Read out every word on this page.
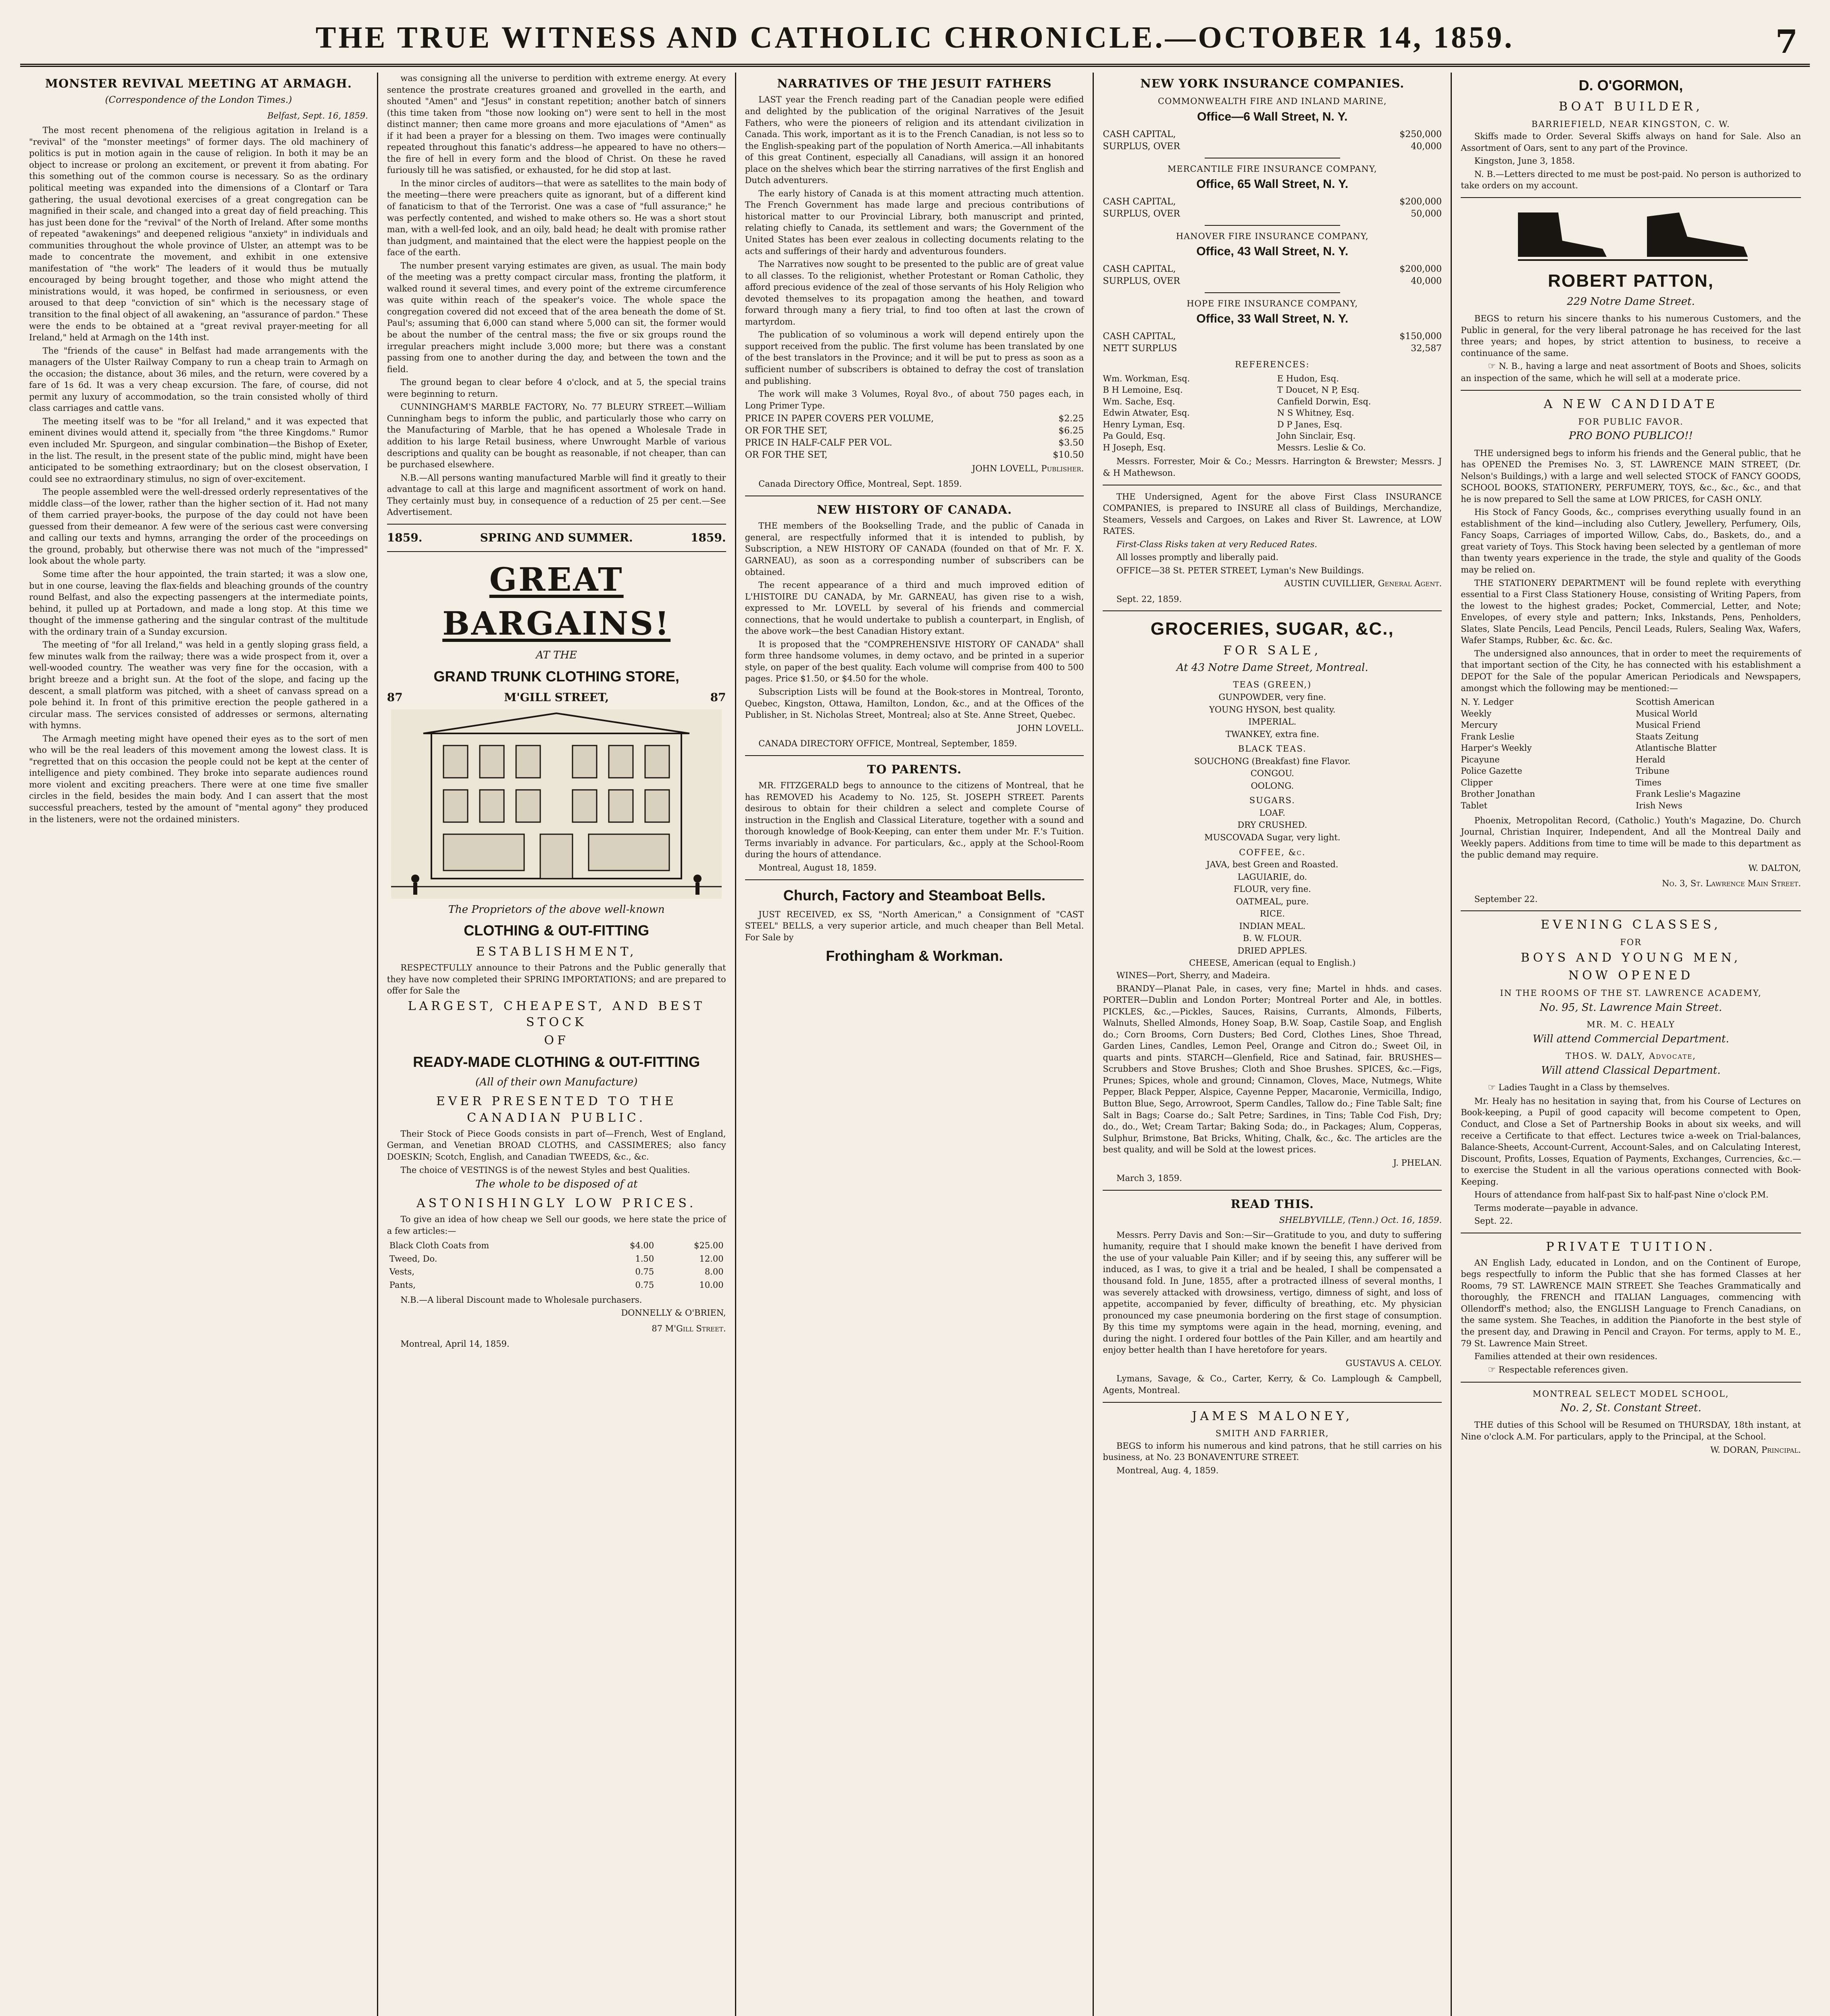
THE TRUE WITNESS AND CATHOLIC CHRONICLE.—OCTOBER 14, 1859.	7
MONSTER REVIVAL MEETING AT ARMAGH.
(Correspondence of the London Times.)
Belfast, Sept. 16, 1859.

The most recent phenomena of the religious agitation in Ireland is a "revival" of the "monster meetings" of former days. The old machinery of politics is put in motion again in the cause of religion. In both it may be an object to increase or prolong an excitement, or prevent it from abating. For this something out of the common course is necessary. So as the ordinary political meeting was expanded into the dimensions of a Clontarf or Tara gathering, the usual devotional exercises of a great congregation can be magnified in their scale, and changed into a great day of field preaching. This has just been done for the "revival" of the North of Ireland. After some months of repeated "awakenings" and deepened religious "anxiety" in individuals and communities throughout the whole province of Ulster, an attempt was to be made to concentrate the movement, and exhibit in one extensive manifestation of "the work" The leaders of it would thus be mutually encouraged by being brought together, and those who might attend the ministrations would, it was hoped, be confirmed in seriousness, or even aroused to that deep "conviction of sin" which is the necessary stage of transition to the final object of all awakening, an "assurance of pardon." These were the ends to be obtained at a "great revival prayer-meeting for all Ireland," held at Armagh on the 14th inst.

The "friends of the cause" in Belfast had made arrangements with the managers of the Ulster Railway Company to run a cheap train to Armagh on the occasion; the distance, about 36 miles, and the return, were covered by a fare of 1s 6d. It was a very cheap excursion. The fare, of course, did not permit any luxury of accommodation, so the train consisted wholly of third class carriages and cattle vans.

The meeting itself was to be "for all Ireland," and it was expected that eminent divines would attend it, specially from "the three Kingdoms." Rumor even included Mr. Spurgeon, and singular combination—the Bishop of Exeter, in the list. The result, in the present state of the public mind, might have been anticipated to be something extraordinary; but on the closest observation, I could see no extraordinary stimulus, no sign of over-excitement.

The people assembled were the well-dressed orderly representatives of the middle class—of the lower, rather than the higher section of it. Had not many of them carried prayer-books, the purpose of the day could not have been guessed from their demeanor. A few were of the serious cast were conversing and calling our texts and hymns, arranging the order of the proceedings on the ground, probably, but otherwise there was not much of the "impressed" look about the whole party.

Some time after the hour appointed, the train started; it was a slow one, but in one course, leaving the flax-fields and bleaching grounds of the country round Belfast, and also the expecting passengers at the intermediate points, behind, it pulled up at Portadown, and made a long stop. At this time we thought of the immense gathering and the singular contrast of the multitude with the ordinary train of a Sunday excursion.

The meeting of "for all Ireland," was held in a gently sloping grass field, a few minutes walk from the railway; there was a wide prospect from it, over a well-wooded country. The weather was very fine for the occasion, with a bright breeze and a bright sun. At the foot of the slope, and facing up the descent, a small platform was pitched, with a sheet of canvass spread on a pole behind it. In front of this primitive erection the people gathered in a circular mass. The services consisted of addresses or sermons, alternating with hymns.

The Armagh meeting might have opened their eyes as to the sort of men who will be the real leaders of this movement among the lowest class. It is "regretted that on this occasion the people could not be kept at the center of intelligence and piety combined. They broke into separate audiences round more violent and exciting preachers. There were at one time five smaller circles in the field, besides the main body. And I can assert that the most successful preachers, tested by the amount of "mental agony" they produced in the listeners, were not the ordained ministers.

was consigning all the universe to perdition with extreme energy. At every sentence the prostrate creatures groaned and grovelled in the earth, and shouted "Amen" and "Jesus" in constant repetition; another batch of sinners (this time taken from "those now looking on") were sent to hell in the most distinct manner; then came more groans and more ejaculations of "Amen" as if it had been a prayer for a blessing on them. Two images were continually repeated throughout this fanatic's address—he appeared to have no others—the fire of hell in every form and the blood of Christ. On these he raved furiously till he was satisfied, or exhausted, for he did stop at last.

In the minor circles of auditors—that were as satellites to the main body of the meeting—there were preachers quite as ignorant, but of a different kind of fanaticism to that of the Terrorist. One was a case of "full assurance;" he was perfectly contented, and wished to make others so. He was a short stout man, with a well-fed look, and an oily, bald head; he dealt with promise rather than judgment, and maintained that the elect were the happiest people on the face of the earth.

The number present varying estimates are given, as usual. The main body of the meeting was a pretty compact circular mass, fronting the platform, it walked round it several times, and every point of the extreme circumference was quite within reach of the speaker's voice. The whole space the congregation covered did not exceed that of the area beneath the dome of St. Paul's; assuming that 6,000 can stand where 5,000 can sit, the former would be about the number of the central mass; the five or six groups round the irregular preachers might include 3,000 more; but there was a constant passing from one to another during the day, and between the town and the field.

The ground began to clear before 4 o'clock, and at 5, the special trains were beginning to return.

CUNNINGHAM'S MARBLE FACTORY, No. 77 BLEURY STREET.—William Cunningham begs to inform the public, and particularly those who carry on the Manufacturing of Marble, that he has opened a Wholesale Trade in addition to his large Retail business, where Unwrought Marble of various descriptions and quality can be bought as reasonable, if not cheaper, than can be purchased elsewhere.

N.B.—All persons wanting manufactured Marble will find it greatly to their advantage to call at this large and magnificent assortment of work on hand. They certainly must buy, in consequence of a reduction of 25 per cent.—See Advertisement.

1859.	SPRING AND SUMMER.	1859.
GREAT BARGAINS!
AT THE
GRAND TRUNK CLOTHING STORE,
87	M'GILL STREET,	87
The Proprietors of the above well-known
CLOTHING & OUT-FITTING
ESTABLISHMENT,

RESPECTFULLY announce to their Patrons and the Public generally that they have now completed their SPRING IMPORTATIONS; and are prepared to offer for Sale the

LARGEST, CHEAPEST, AND BEST STOCK
OF
READY-MADE CLOTHING & OUT-FITTING
(All of their own Manufacture)
EVER PRESENTED TO THE CANADIAN PUBLIC.

Their Stock of Piece Goods consists in part of—French, West of England, German, and Venetian BROAD CLOTHS, and CASSIMERES; also fancy DOESKIN; Scotch, English, and Canadian TWEEDS, &c., &c.

The choice of VESTINGS is of the newest Styles and best Qualities.

The whole to be disposed of at
ASTONISHINGLY LOW PRICES.

To give an idea of how cheap we Sell our goods, we here state the price of a few articles:—

Black Cloth Coats from	$4.00	$25.00
Tweed, Do.	1.50	12.00
Vests,	0.75	8.00
Pants,	0.75	10.00

N.B.—A liberal Discount made to Wholesale purchasers.

DONNELLY & O'BRIEN,
87 M'Gill Street.
Montreal, April 14, 1859.
NARRATIVES OF THE JESUIT FATHERS

LAST year the French reading part of the Canadian people were edified and delighted by the publication of the original Narratives of the Jesuit Fathers, who were the pioneers of religion and its attendant civilization in Canada. This work, important as it is to the French Canadian, is not less so to the English-speaking part of the population of North America.—All inhabitants of this great Continent, especially all Canadians, will assign it an honored place on the shelves which bear the stirring narratives of the first English and Dutch adventurers.

The early history of Canada is at this moment attracting much attention. The French Government has made large and precious contributions of historical matter to our Provincial Library, both manuscript and printed, relating chiefly to Canada, its settlement and wars; the Government of the United States has been ever zealous in collecting documents relating to the acts and sufferings of their hardy and adventurous founders.

The Narratives now sought to be presented to the public are of great value to all classes. To the religionist, whether Protestant or Roman Catholic, they afford precious evidence of the zeal of those servants of his Holy Religion who devoted themselves to its propagation among the heathen, and toward forward through many a fiery trial, to find too often at last the crown of martyrdom.

The publication of so voluminous a work will depend entirely upon the support received from the public. The first volume has been translated by one of the best translators in the Province; and it will be put to press as soon as a sufficient number of subscribers is obtained to defray the cost of translation and publishing.

The work will make 3 Volumes, Royal 8vo., of about 750 pages each, in Long Primer Type.

PRICE IN PAPER COVERS PER VOLUME,	$2.25
OR FOR THE SET,	$6.25
PRICE IN HALF-CALF PER VOL.	$3.50
OR FOR THE SET,	$10.50
JOHN LOVELL, Publisher.
Canada Directory Office, Montreal, Sept. 1859.
NEW HISTORY OF CANADA.

THE members of the Bookselling Trade, and the public of Canada in general, are respectfully informed that it is intended to publish, by Subscription, a NEW HISTORY OF CANADA (founded on that of Mr. F. X. GARNEAU), as soon as a corresponding number of subscribers can be obtained.

The recent appearance of a third and much improved edition of L'HISTOIRE DU CANADA, by Mr. GARNEAU, has given rise to a wish, expressed to Mr. LOVELL by several of his friends and commercial connections, that he would undertake to publish a counterpart, in English, of the above work—the best Canadian History extant.

It is proposed that the "COMPREHENSIVE HISTORY OF CANADA" shall form three handsome volumes, in demy octavo, and be printed in a superior style, on paper of the best quality. Each volume will comprise from 400 to 500 pages. Price $1.50, or $4.50 for the whole.

Subscription Lists will be found at the Book-stores in Montreal, Toronto, Quebec, Kingston, Ottawa, Hamilton, London, &c., and at the Offices of the Publisher, in St. Nicholas Street, Montreal; also at Ste. Anne Street, Quebec.

JOHN LOVELL.
CANADA DIRECTORY OFFICE, Montreal, September, 1859.
TO PARENTS.

MR. FITZGERALD begs to announce to the citizens of Montreal, that he has REMOVED his Academy to No. 125, St. JOSEPH STREET. Parents desirous to obtain for their children a select and complete Course of instruction in the English and Classical Literature, together with a sound and thorough knowledge of Book-Keeping, can enter them under Mr. F.'s Tuition. Terms invariably in advance. For particulars, &c., apply at the School-Room during the hours of attendance.

Montreal, August 18, 1859.
Church, Factory and Steamboat Bells.

JUST RECEIVED, ex SS, "North American," a Consignment of "CAST STEEL" BELLS, a very superior article, and much cheaper than Bell Metal. For Sale by

Frothingham & Workman.
NEW YORK INSURANCE COMPANIES.
COMMONWEALTH FIRE AND INLAND MARINE,
Office—6 Wall Street, N. Y.
CASH CAPITAL,	$250,000
SURPLUS, OVER	40,000
MERCANTILE FIRE INSURANCE COMPANY,
Office, 65 Wall Street, N. Y.
CASH CAPITAL,	$200,000
SURPLUS, OVER	50,000
HANOVER FIRE INSURANCE COMPANY,
Office, 43 Wall Street, N. Y.
CASH CAPITAL,	$200,000
SURPLUS, OVER	40,000
HOPE FIRE INSURANCE COMPANY,
Office, 33 Wall Street, N. Y.
CASH CAPITAL,	$150,000
NETT SURPLUS	32,587
REFERENCES:
Wm. Workman, Esq.	E Hudon, Esq.
B H Lemoine, Esq.	T Doucet, N P, Esq.
Wm. Sache, Esq.	Canfield Dorwin, Esq.
Edwin Atwater, Esq.	N S Whitney, Esq.
Henry Lyman, Esq.	D P Janes, Esq.
Pa Gould, Esq.	John Sinclair, Esq.
H Joseph, Esq.	Messrs. Leslie & Co.

Messrs. Forrester, Moir & Co.; Messrs. Harrington & Brewster; Messrs. J & H Mathewson.

THE Undersigned, Agent for the above First Class INSURANCE COMPANIES, is prepared to INSURE all class of Buildings, Merchandize, Steamers, Vessels and Cargoes, on Lakes and River St. Lawrence, at LOW RATES.

First-Class Risks taken at very Reduced Rates.

All losses promptly and liberally paid.

OFFICE—38 St. PETER STREET, Lyman's New Buildings.

AUSTIN CUVILLIER, General Agent.
Sept. 22, 1859.
GROCERIES, SUGAR, &C.,
FOR SALE,
At 43 Notre Dame Street, Montreal.
TEAS (GREEN,)
GUNPOWDER, very fine.
YOUNG HYSON, best quality.
IMPERIAL.
TWANKEY, extra fine.
BLACK TEAS.
SOUCHONG (Breakfast) fine Flavor.
CONGOU.
OOLONG.
SUGARS.
LOAF.
DRY CRUSHED.
MUSCOVADA Sugar, very light.
COFFEE, &c.
JAVA, best Green and Roasted.
LAGUIARIE, do.
FLOUR, very fine.
OATMEAL, pure.
RICE.
INDIAN MEAL.
B. W. FLOUR.
DRIED APPLES.
CHEESE, American (equal to English.)

WINES—Port, Sherry, and Madeira.

BRANDY—Planat Pale, in cases, very fine; Martel in hhds. and cases. PORTER—Dublin and London Porter; Montreal Porter and Ale, in bottles. PICKLES, &c.,—Pickles, Sauces, Raisins, Currants, Almonds, Filberts, Walnuts, Shelled Almonds, Honey Soap, B.W. Soap, Castile Soap, and English do.; Corn Brooms, Corn Dusters; Bed Cord, Clothes Lines, Shoe Thread, Garden Lines, Candles, Lemon Peel, Orange and Citron do.; Sweet Oil, in quarts and pints. STARCH—Glenfield, Rice and Satinad, fair. BRUSHES—Scrubbers and Stove Brushes; Cloth and Shoe Brushes. SPICES, &c.—Figs, Prunes; Spices, whole and ground; Cinnamon, Cloves, Mace, Nutmegs, White Pepper, Black Pepper, Alspice, Cayenne Pepper, Macaronie, Vermicilla, Indigo, Button Blue, Sego, Arrowroot, Sperm Candles, Tallow do.; Fine Table Salt; fine Salt in Bags; Coarse do.; Salt Petre; Sardines, in Tins; Table Cod Fish, Dry; do., do., Wet; Cream Tartar; Baking Soda; do., in Packages; Alum, Copperas, Sulphur, Brimstone, Bat Bricks, Whiting, Chalk, &c., &c. The articles are the best quality, and will be Sold at the lowest prices.

J. PHELAN.
March 3, 1859.
READ THIS.
SHELBYVILLE, (Tenn.) Oct. 16, 1859.

Messrs. Perry Davis and Son:—Sir—Gratitude to you, and duty to suffering humanity, require that I should make known the benefit I have derived from the use of your valuable Pain Killer; and if by seeing this, any sufferer will be induced, as I was, to give it a trial and be healed, I shall be compensated a thousand fold. In June, 1855, after a protracted illness of several months, I was severely attacked with drowsiness, vertigo, dimness of sight, and loss of appetite, accompanied by fever, difficulty of breathing, etc. My physician pronounced my case pneumonia bordering on the first stage of consumption. By this time my symptoms were again in the head, morning, evening, and during the night. I ordered four bottles of the Pain Killer, and am heartily and enjoy better health than I have heretofore for years.

GUSTAVUS A. CELOY.

Lymans, Savage, & Co., Carter, Kerry, & Co. Lamplough & Campbell, Agents, Montreal.

JAMES MALONEY,
SMITH AND FARRIER,

BEGS to inform his numerous and kind patrons, that he still carries on his business, at No. 23 BONAVENTURE STREET.

Montreal, Aug. 4, 1859.
D. O'GORMON,
BOAT BUILDER,
BARRIEFIELD, NEAR KINGSTON, C. W.

Skiffs made to Order. Several Skiffs always on hand for Sale. Also an Assortment of Oars, sent to any part of the Province.

Kingston, June 3, 1858.

N. B.—Letters directed to me must be post-paid. No person is authorized to take orders on my account.

ROBERT PATTON,
229 Notre Dame Street.

BEGS to return his sincere thanks to his numerous Customers, and the Public in general, for the very liberal patronage he has received for the last three years; and hopes, by strict attention to business, to receive a continuance of the same.

☞ N. B., having a large and neat assortment of Boots and Shoes, solicits an inspection of the same, which he will sell at a moderate price.

A NEW CANDIDATE
FOR PUBLIC FAVOR.
PRO BONO PUBLICO!!

THE undersigned begs to inform his friends and the General public, that he has OPENED the Premises No. 3, ST. LAWRENCE MAIN STREET, (Dr. Nelson's Buildings,) with a large and well selected STOCK of FANCY GOODS, SCHOOL BOOKS, STATIONERY, PERFUMERY, TOYS, &c., &c., &c., and that he is now prepared to Sell the same at LOW PRICES, for CASH ONLY.

His Stock of Fancy Goods, &c., comprises everything usually found in an establishment of the kind—including also Cutlery, Jewellery, Perfumery, Oils, Fancy Soaps, Carriages of imported Willow, Cabs, do., Baskets, do., and a great variety of Toys. This Stock having been selected by a gentleman of more than twenty years experience in the trade, the style and quality of the Goods may be relied on.

THE STATIONERY DEPARTMENT will be found replete with everything essential to a First Class Stationery House, consisting of Writing Papers, from the lowest to the highest grades; Pocket, Commercial, Letter, and Note; Envelopes, of every style and pattern; Inks, Inkstands, Pens, Penholders, Slates, Slate Pencils, Lead Pencils, Pencil Leads, Rulers, Sealing Wax, Wafers, Wafer Stamps, Rubber, &c. &c. &c.

The undersigned also announces, that in order to meet the requirements of that important section of the City, he has connected with his establishment a DEPOT for the Sale of the popular American Periodicals and Newspapers, amongst which the following may be mentioned:—

N. Y. Ledger	Scottish American
Weekly	Musical World
Mercury	Musical Friend
Frank Leslie	Staats Zeitung
Harper's Weekly	Atlantische Blatter
Picayune	Herald
Police Gazette	Tribune
Clipper	Times
Brother Jonathan	Frank Leslie's Magazine
Tablet	Irish News

Phoenix, Metropolitan Record, (Catholic.) Youth's Magazine, Do. Church Journal, Christian Inquirer, Independent, And all the Montreal Daily and Weekly papers. Additions from time to time will be made to this department as the public demand may require.

W. DALTON,
No. 3, St. Lawrence Main Street.
September 22.
EVENING CLASSES,
FOR
BOYS AND YOUNG MEN,
NOW OPENED
IN THE ROOMS OF THE ST. LAWRENCE ACADEMY,
No. 95, St. Lawrence Main Street.
MR. M. C. HEALY
Will attend Commercial Department.
THOS. W. DALY, Advocate,
Will attend Classical Department.

☞ Ladies Taught in a Class by themselves.

Mr. Healy has no hesitation in saying that, from his Course of Lectures on Book-keeping, a Pupil of good capacity will become competent to Open, Conduct, and Close a Set of Partnership Books in about six weeks, and will receive a Certificate to that effect. Lectures twice a-week on Trial-balances, Balance-Sheets, Account-Current, Account-Sales, and on Calculating Interest, Discount, Profits, Losses, Equation of Payments, Exchanges, Currencies, &c.—to exercise the Student in all the various operations connected with Book-Keeping.

Hours of attendance from half-past Six to half-past Nine o'clock P.M.

Terms moderate—payable in advance.

Sept. 22.
PRIVATE TUITION.

AN English Lady, educated in London, and on the Continent of Europe, begs respectfully to inform the Public that she has formed Classes at her Rooms, 79 ST. LAWRENCE MAIN STREET. She Teaches Grammatically and thoroughly, the FRENCH and ITALIAN Languages, commencing with Ollendorff's method; also, the ENGLISH Language to French Canadians, on the same system. She Teaches, in addition the Pianoforte in the best style of the present day, and Drawing in Pencil and Crayon. For terms, apply to M. E., 79 St. Lawrence Main Street.

Families attended at their own residences.

☞ Respectable references given.

MONTREAL SELECT MODEL SCHOOL,
No. 2, St. Constant Street.

THE duties of this School will be Resumed on THURSDAY, 18th instant, at Nine o'clock A.M. For particulars, apply to the Principal, at the School.

W. DORAN, Principal.
